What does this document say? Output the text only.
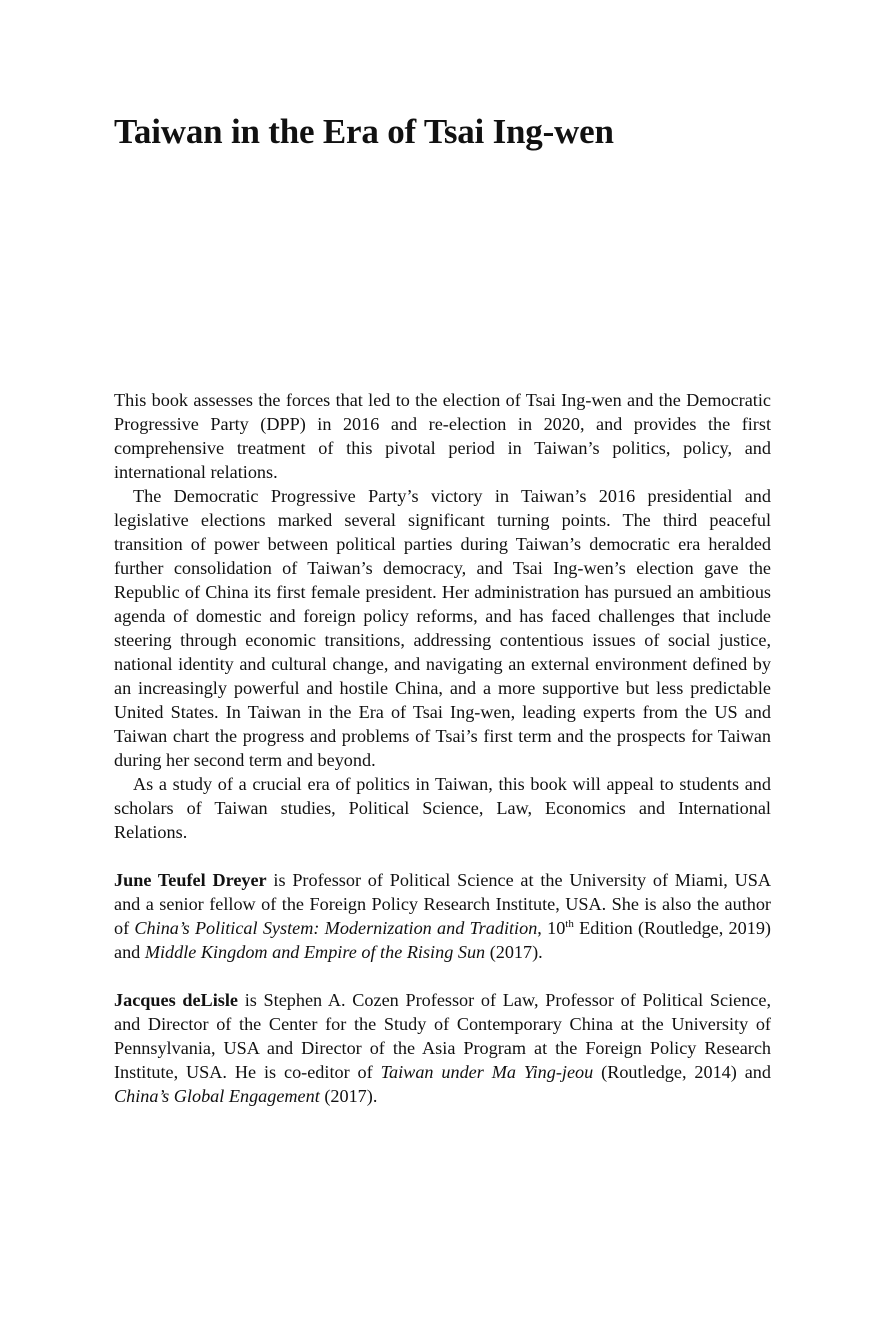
Taiwan in the Era of Tsai Ing-wen

This book assesses the forces that led to the election of Tsai Ing-wen and the Democratic Progressive Party (DPP) in 2016 and re-election in 2020, and provides the first comprehensive treatment of this pivotal period in Taiwan’s politics, policy, and international relations.

The Democratic Progressive Party’s victory in Taiwan’s 2016 presidential and legislative elections marked several significant turning points. The third peaceful transition of power between political parties during Taiwan’s democratic era heralded further consolidation of Taiwan’s democracy, and Tsai Ing-wen’s election gave the Republic of China its first female president. Her administration has pursued an ambitious agenda of domestic and foreign policy reforms, and has faced challenges that include steering through economic transitions, addressing contentious issues of social justice, national identity and cultural change, and navigating an external environment defined by an increasingly powerful and hostile China, and a more supportive but less predictable United States. In Taiwan in the Era of Tsai Ing-wen, leading experts from the US and Taiwan chart the progress and problems of Tsai’s first term and the prospects for Taiwan during her second term and beyond.

As a study of a crucial era of politics in Taiwan, this book will appeal to students and scholars of Taiwan studies, Political Science, Law, Economics and International Relations.

June Teufel Dreyer is Professor of Political Science at the University of Miami, USA and a senior fellow of the Foreign Policy Research Institute, USA. She is also the author of China’s Political System: Modernization and Tradition, 10th Edition (Routledge, 2019) and Middle Kingdom and Empire of the Rising Sun (2017).

Jacques deLisle is Stephen A. Cozen Professor of Law, Professor of Political Science, and Director of the Center for the Study of Contemporary China at the University of Pennsylvania, USA and Director of the Asia Program at the Foreign Policy Research Institute, USA. He is co-editor of Taiwan under Ma Ying-jeou (Routledge, 2014) and China’s Global Engagement (2017).
